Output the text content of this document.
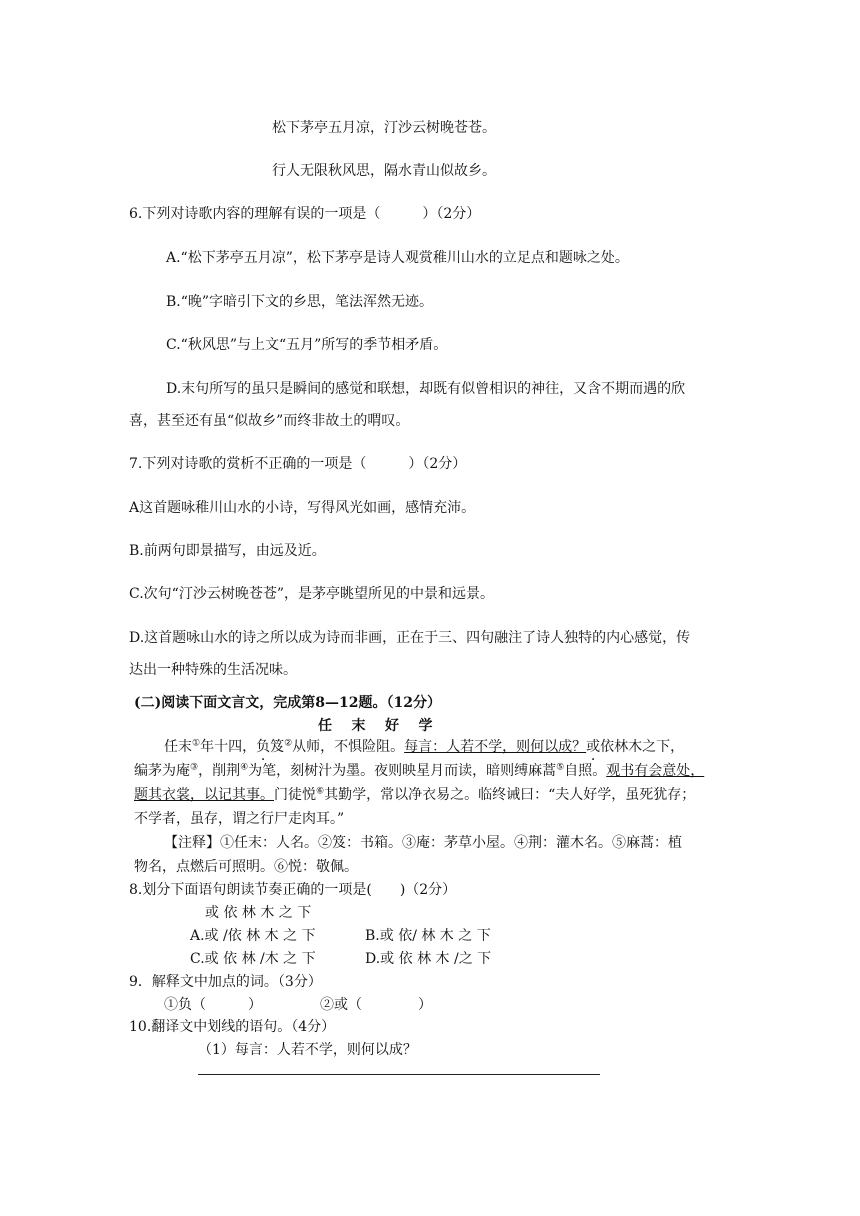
松下茅亭五月凉，汀沙云树晚苍苍。
行人无限秋风思，隔水青山似故乡。
6.下列对诗歌内容的理解有误的一项是（　　　）（2分）
A.“松下茅亭五月凉”，松下茅亭是诗人观赏稚川山水的立足点和题咏之处。
B.“晚”字暗引下文的乡思，笔法浑然无迹。
C.“秋风思”与上文“五月”所写的季节相矛盾。
D.末句所写的虽只是瞬间的感觉和联想，却既有似曾相识的神往，又含不期而遇的欣
喜，甚至还有虽“似故乡”而终非故土的喟叹。
7.下列对诗歌的赏析不正确的一项是（　　　）（2分）
A这首题咏稚川山水的小诗，写得风光如画，感情充沛。
B.前两句即景描写，由远及近。
C.次句“汀沙云树晚苍苍”，是茅亭眺望所见的中景和远景。
D.这首题咏山水的诗之所以成为诗而非画，正在于三、四句融注了诗人独特的内心感觉，传
达出一种特殊的生活况味。
(二)阅读下面文言文，完成第8—12题。（12分）
任 末 好 学
任末①年十四，负笈②从师，不惧险阻。每言：人若不学，则何以成？或依林木之下，
编茅为庵③，削荆④为笔，刻树汁为墨。夜则映星月而读，暗则缚麻蒿⑤自照。观书有会意处，
题其衣裳，以记其事。门徒悦⑥其勤学，常以净衣易之。临终诫曰：“夫人好学，虽死犹存；
不学者，虽存，谓之行尸走肉耳。”
【注释】①任末：人名。②笈：书箱。③庵：茅草小屋。④荆：灌木名。⑤麻蒿：植
物名，点燃后可照明。⑥悦：敬佩。
8.划分下面语句朗读节奏正确的一项是(　　)（2分）
或 依 林 木 之 下
A.或 /依 林 木 之 下	B.或 依/ 林 木 之 下
C.或 依 林 /木 之 下	D.或 依 林 木 /之 下
9．解释文中加点的词。（3分）
①负（　　　）	②或（　　　　）
10.翻译文中划线的语句。（4分）
（1）每言：人若不学，则何以成？
